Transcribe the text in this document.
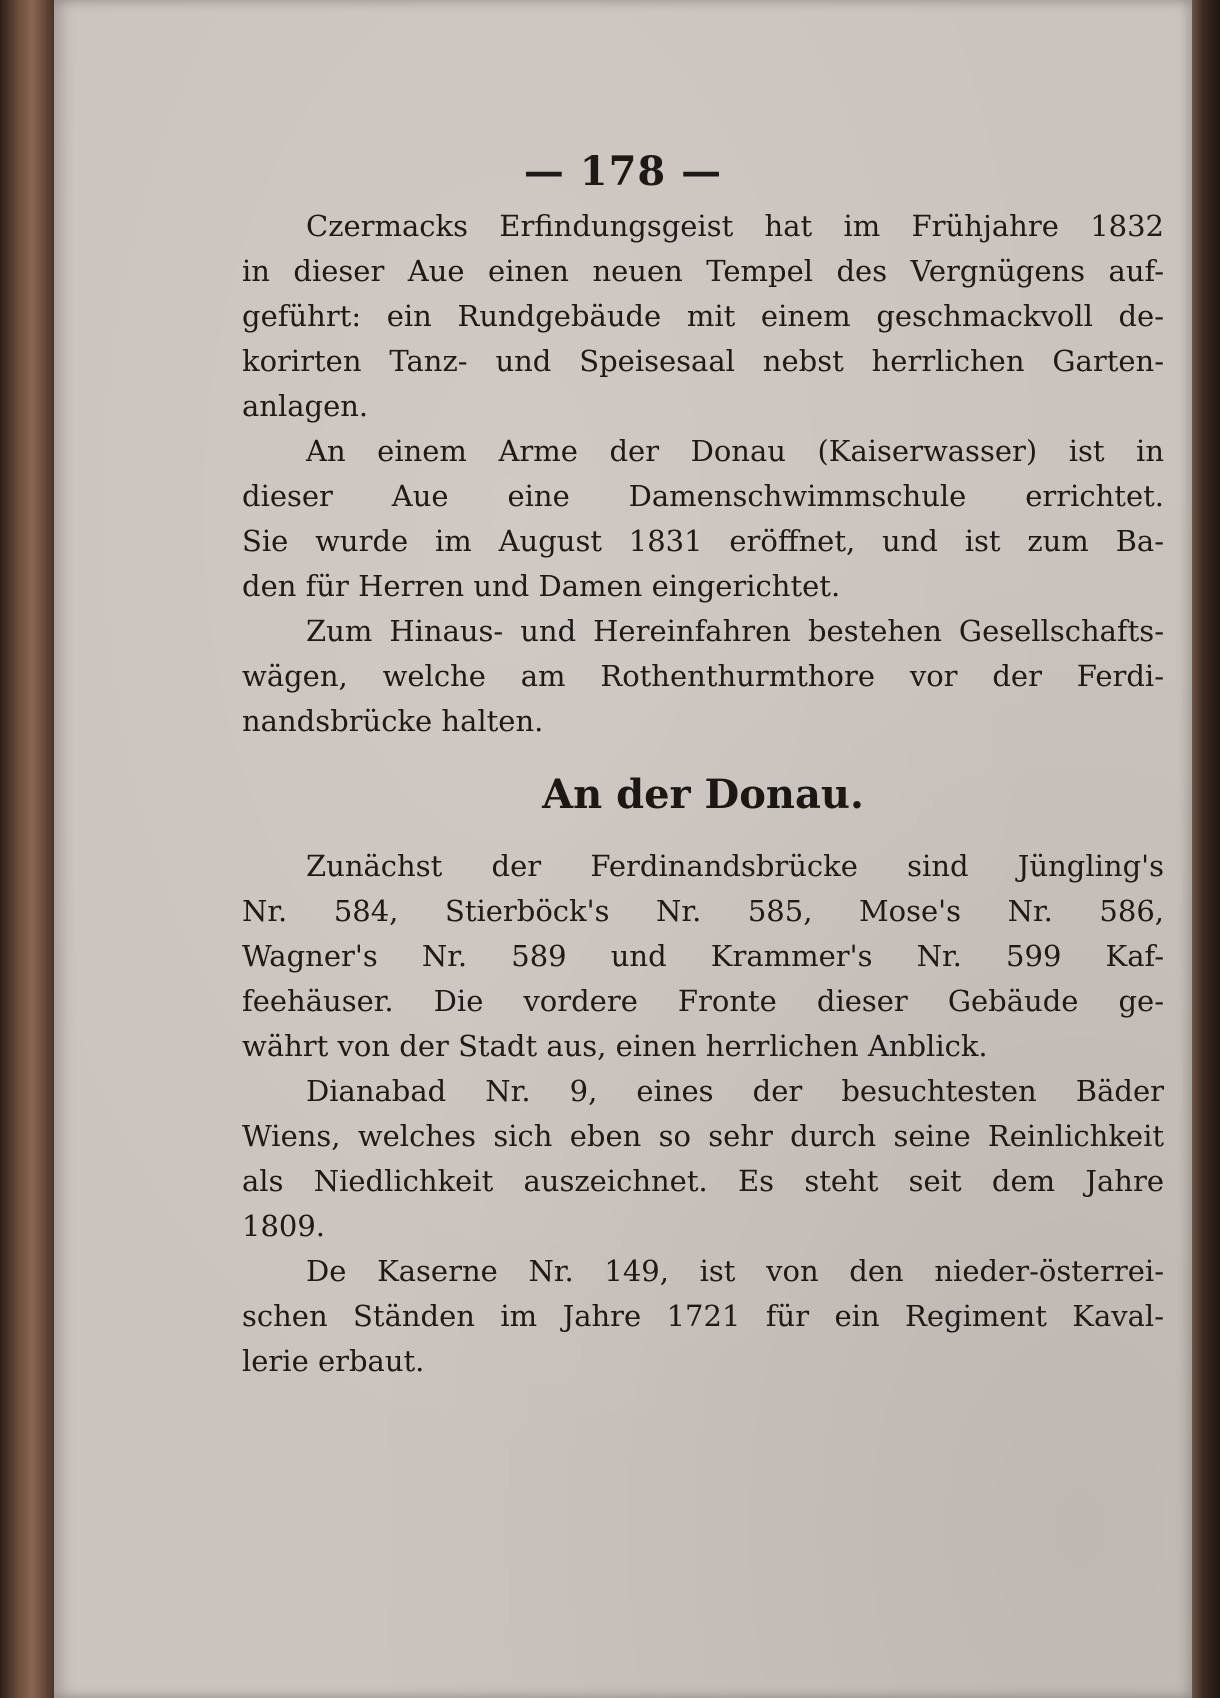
— 178 —
Czermacks Erfindungsgeist hat im Frühjahre 1832
in dieser Aue einen neuen Tempel des Vergnügens auf-
geführt: ein Rundgebäude mit einem geschmackvoll de-
korirten Tanz- und Speisesaal nebst herrlichen Garten-
anlagen.
An einem Arme der Donau (Kaiserwasser) ist in
dieser Aue eine Damenschwimmschule errichtet.
Sie wurde im August 1831 eröffnet, und ist zum Ba-
den für Herren und Damen eingerichtet.
Zum Hinaus- und Hereinfahren bestehen Gesellschafts-
wägen, welche am Rothenthurmthore vor der Ferdi-
nandsbrücke halten.
An der Donau.
Zunächst der Ferdinandsbrücke sind Jüngling's
Nr. 584, Stierböck's Nr. 585, Mose's Nr. 586,
Wagner's Nr. 589 und Krammer's Nr. 599 Kaf-
feehäuser. Die vordere Fronte dieser Gebäude ge-
währt von der Stadt aus, einen herrlichen Anblick.
Dianabad Nr. 9, eines der besuchtesten Bäder
Wiens, welches sich eben so sehr durch seine Reinlichkeit
als Niedlichkeit auszeichnet. Es steht seit dem Jahre
1809.
De Kaserne Nr. 149, ist von den nieder-österrei-
schen Ständen im Jahre 1721 für ein Regiment Kaval-
lerie erbaut.
